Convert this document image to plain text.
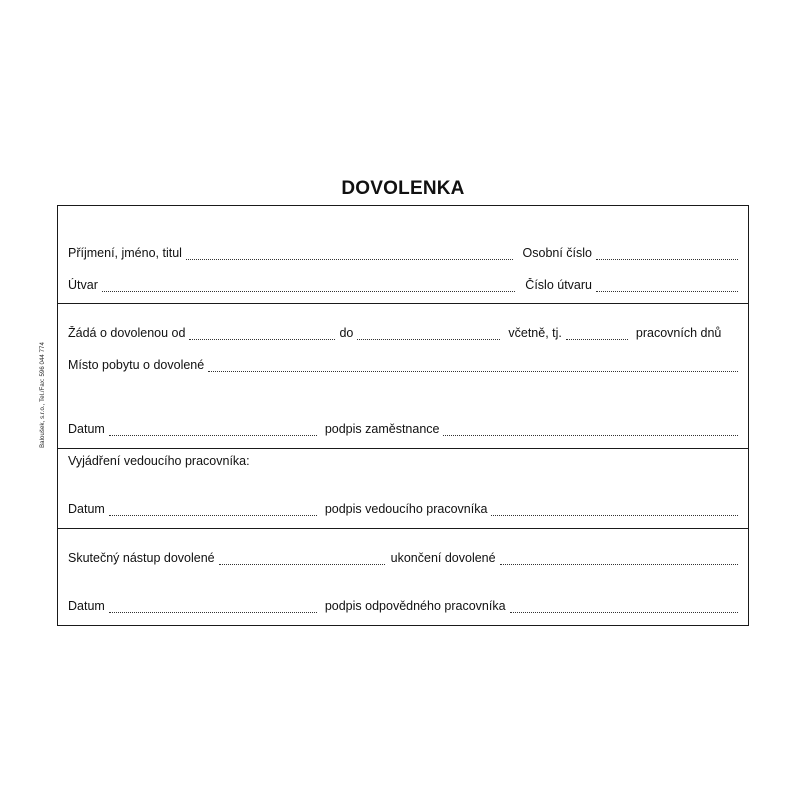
DOVOLENKA
Baloušek, s.r.o., Tel./Fax: 596 044 774
Příjmení, jméno, titul	Osobní číslo
Útvar	Číslo útvaru
Žádá o dovolenou od	do	včetně, tj.	pracovních dnů
Místo pobytu o dovolené
Datum	podpis zaměstnance
Vyjádření vedoucího pracovníka:
Datum	podpis vedoucího pracovníka
Skutečný nástup dovolené	ukončení dovolené
Datum	podpis odpovědného pracovníka
